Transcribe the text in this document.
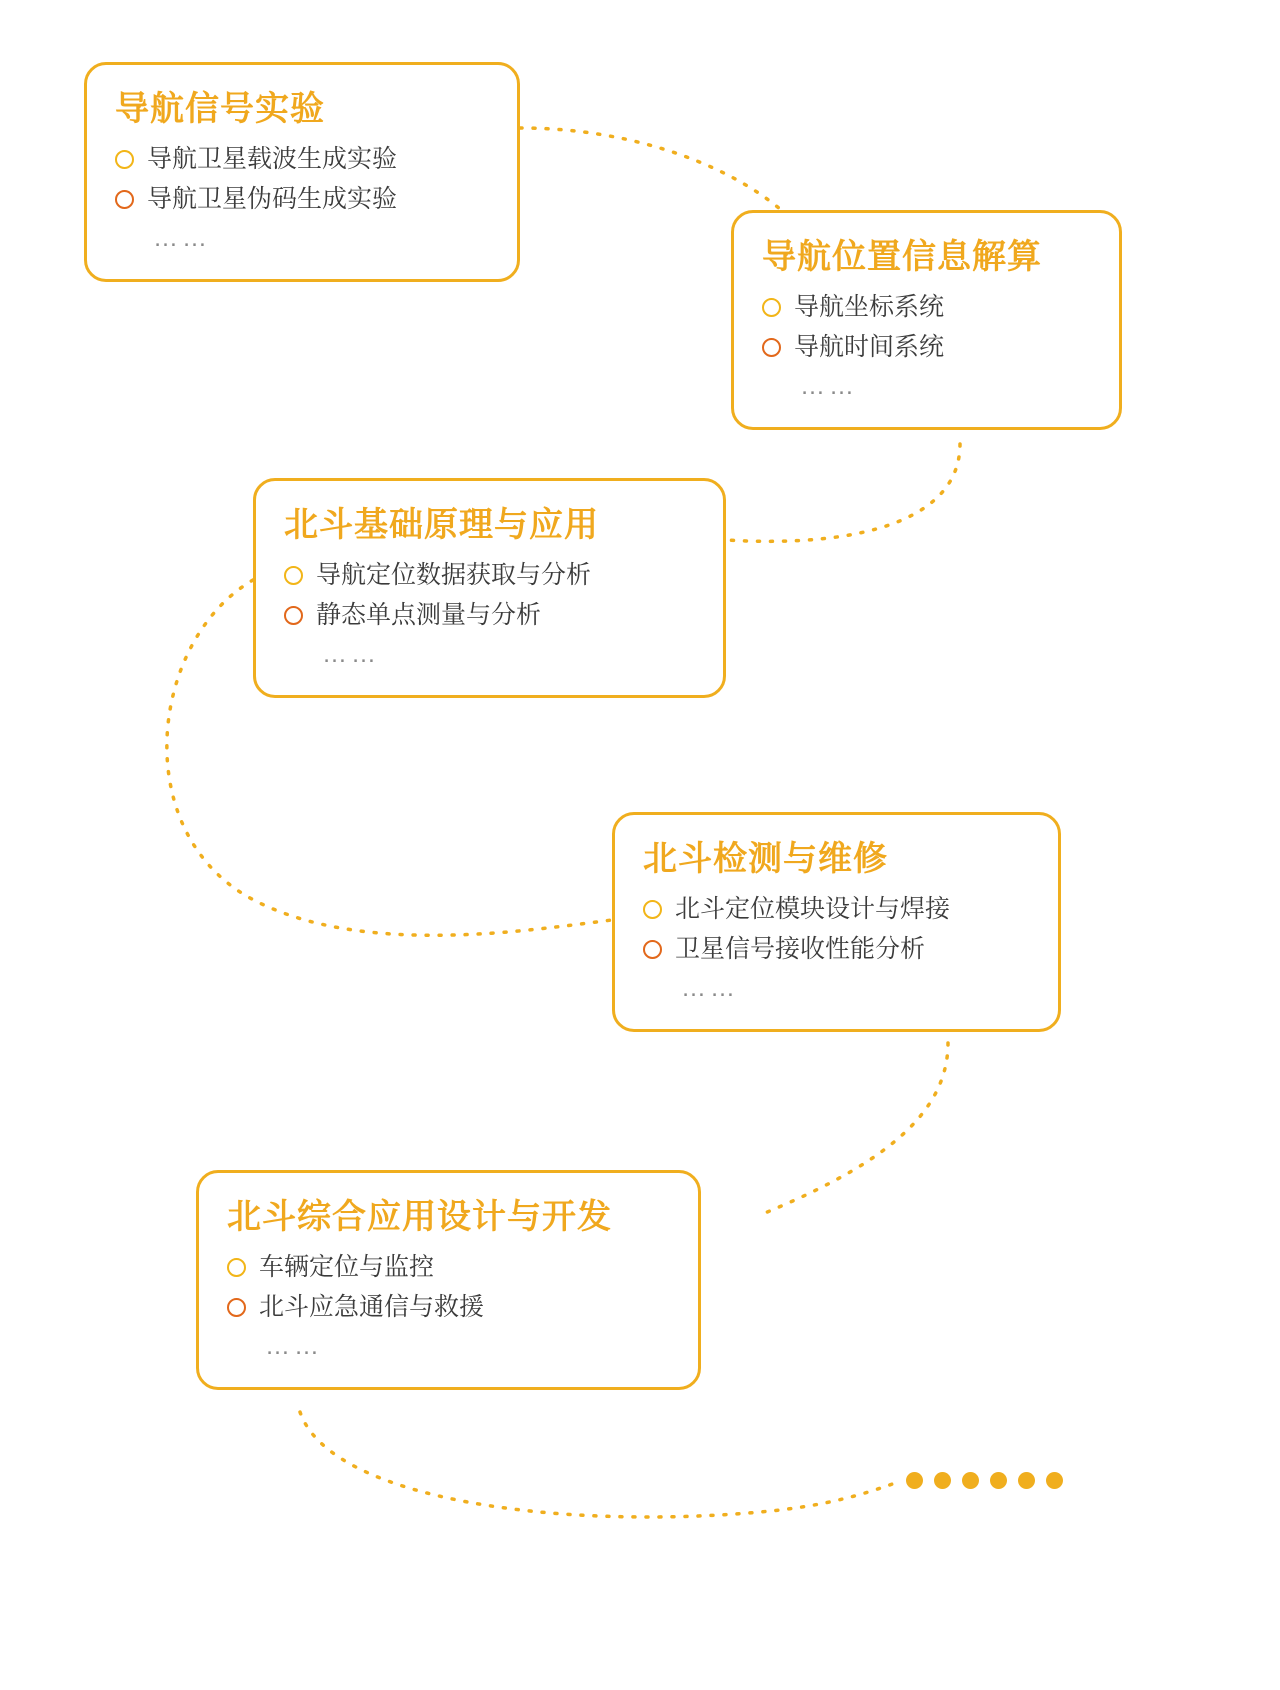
导航信号实验
导航卫星载波生成实验
导航卫星伪码生成实验
……	导航位置信息解算
导航坐标系统
导航时间系统
……
北斗基础原理与应用
导航定位数据获取与分析
静态单点测量与分析
……
北斗检测与维修
北斗定位模块设计与焊接
卫星信号接收性能分析
……
北斗综合应用设计与开发
车辆定位与监控
北斗应急通信与救援
……
